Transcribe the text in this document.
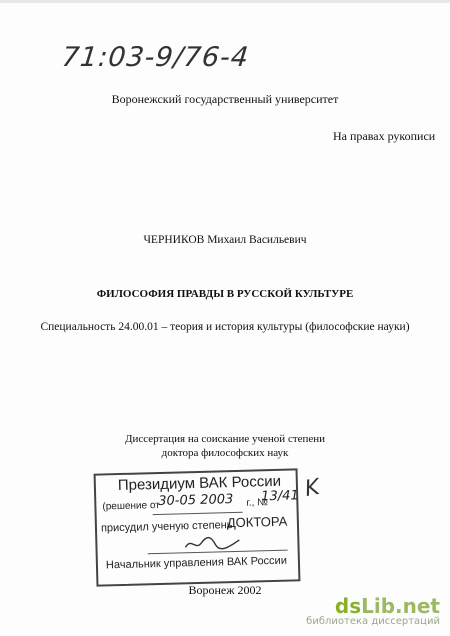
71:03-9/76-4
Воронежский государственный университет
На правах рукописи
ЧЕРНИКОВ Михаил Васильевич
ФИЛОСОФИЯ ПРАВДЫ В РУССКОЙ КУЛЬТУРЕ
Специальность 24.00.01 – теория и история культуры (философские науки)
Диссертация на соискание ученой степени
доктора философских наук
Президиум ВАК России
(решение от
30-05 2003 г., №
13/41
присудил ученую степень
ДОКТОРА
Начальник управления ВАК России
K
Воронеж 2002
dsLib.net
библиотека диссертаций
